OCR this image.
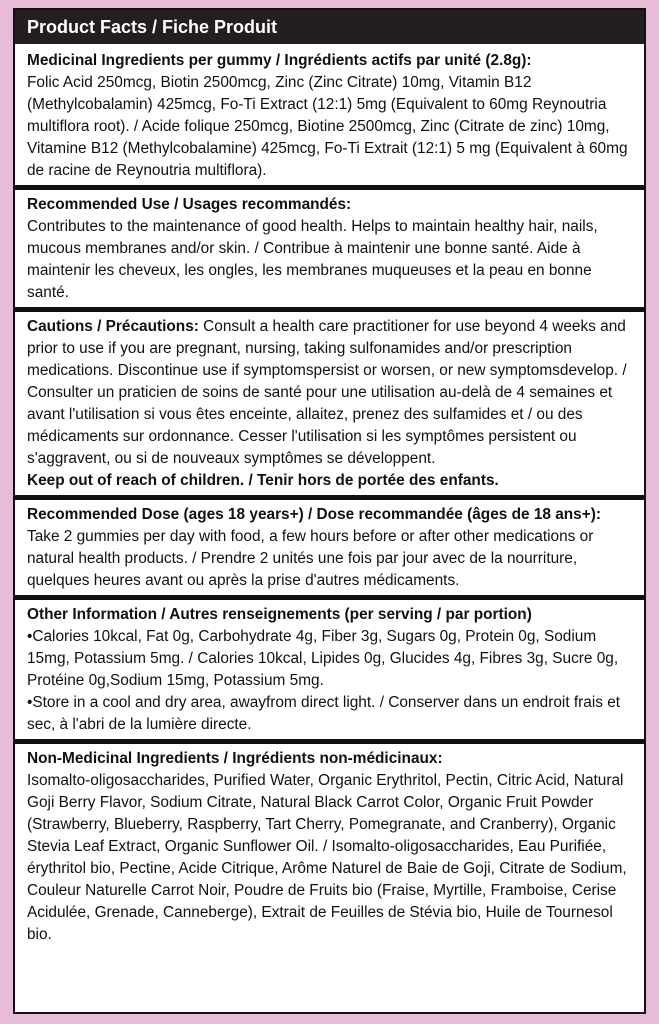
Product Facts / Fiche Produit

Medicinal Ingredients per gummy / Ingrédients actifs par unité (2.8g):
Folic Acid 250mcg, Biotin 2500mcg, Zinc (Zinc Citrate) 10mg, Vitamin B12 (Methylcobalamin) 425mcg, Fo-Ti Extract (12:1) 5mg (Equivalent to 60mg Reynoutria multiflora root). / Acide folique 250mcg, Biotine 2500mcg, Zinc (Citrate de zinc) 10mg, Vitamine B12 (Methylcobalamine) 425mcg, Fo-Ti Extrait (12:1) 5 mg (Equivalent à 60mg de racine de Reynoutria multiflora).

Recommended Use / Usages recommandés:
Contributes to the maintenance of good health. Helps to maintain healthy hair, nails, mucous membranes and/or skin. / Contribue à maintenir une bonne santé. Aide à maintenir les cheveux, les ongles, les membranes muqueuses et la peau en bonne santé.

Cautions / Précautions: Consult a health care practitioner for use beyond 4 weeks and prior to use if you are pregnant, nursing, taking sulfonamides and/or prescription medications. Discontinue use if symptomspersist or worsen, or new symptomsdevelop. / Consulter un praticien de soins de santé pour une utilisation au-delà de 4 semaines et avant l'utilisation si vous êtes enceinte, allaitez, prenez des sulfamides et / ou des médicaments sur ordonnance. Cesser l'utilisation si les symptômes persistent ou s'aggravent, ou si de nouveaux symptômes se développent.

Keep out of reach of children. / Tenir hors de portée des enfants.

Recommended Dose (ages 18 years+) / Dose recommandée (âges de 18 ans+):
Take 2 gummies per day with food, a few hours before or after other medications or natural health products. / Prendre 2 unités une fois par jour avec de la nourriture, quelques heures avant ou après la prise d'autres médicaments.

Other Information / Autres renseignements (per serving / par portion)

•Calories 10kcal, Fat 0g, Carbohydrate 4g, Fiber 3g, Sugars 0g, Protein 0g, Sodium 15mg, Potassium 5mg. / Calories 10kcal, Lipides 0g, Glucides 4g, Fibres 3g, Sucre 0g, Protéine 0g,Sodium 15mg, Potassium 5mg.

•Store in a cool and dry area, awayfrom direct light. / Conserver dans un endroit frais et sec, à l'abri de la lumière directe.

Non-Medicinal Ingredients / Ingrédients non-médicinaux:
Isomalto-oligosaccharides, Purified Water, Organic Erythritol, Pectin, Citric Acid, Natural Goji Berry Flavor, Sodium Citrate, Natural Black Carrot Color, Organic Fruit Powder (Strawberry, Blueberry, Raspberry, Tart Cherry, Pomegranate, and Cranberry), Organic Stevia Leaf Extract, Organic Sunflower Oil. / Isomalto-oligosaccharides, Eau Purifiée, érythritol bio, Pectine, Acide Citrique, Arôme Naturel de Baie de Goji, Citrate de Sodium, Couleur Naturelle Carrot Noir, Poudre de Fruits bio (Fraise, Myrtille, Framboise, Cerise Acidulée, Grenade, Canneberge), Extrait de Feuilles de Stévia bio, Huile de Tournesol bio.
